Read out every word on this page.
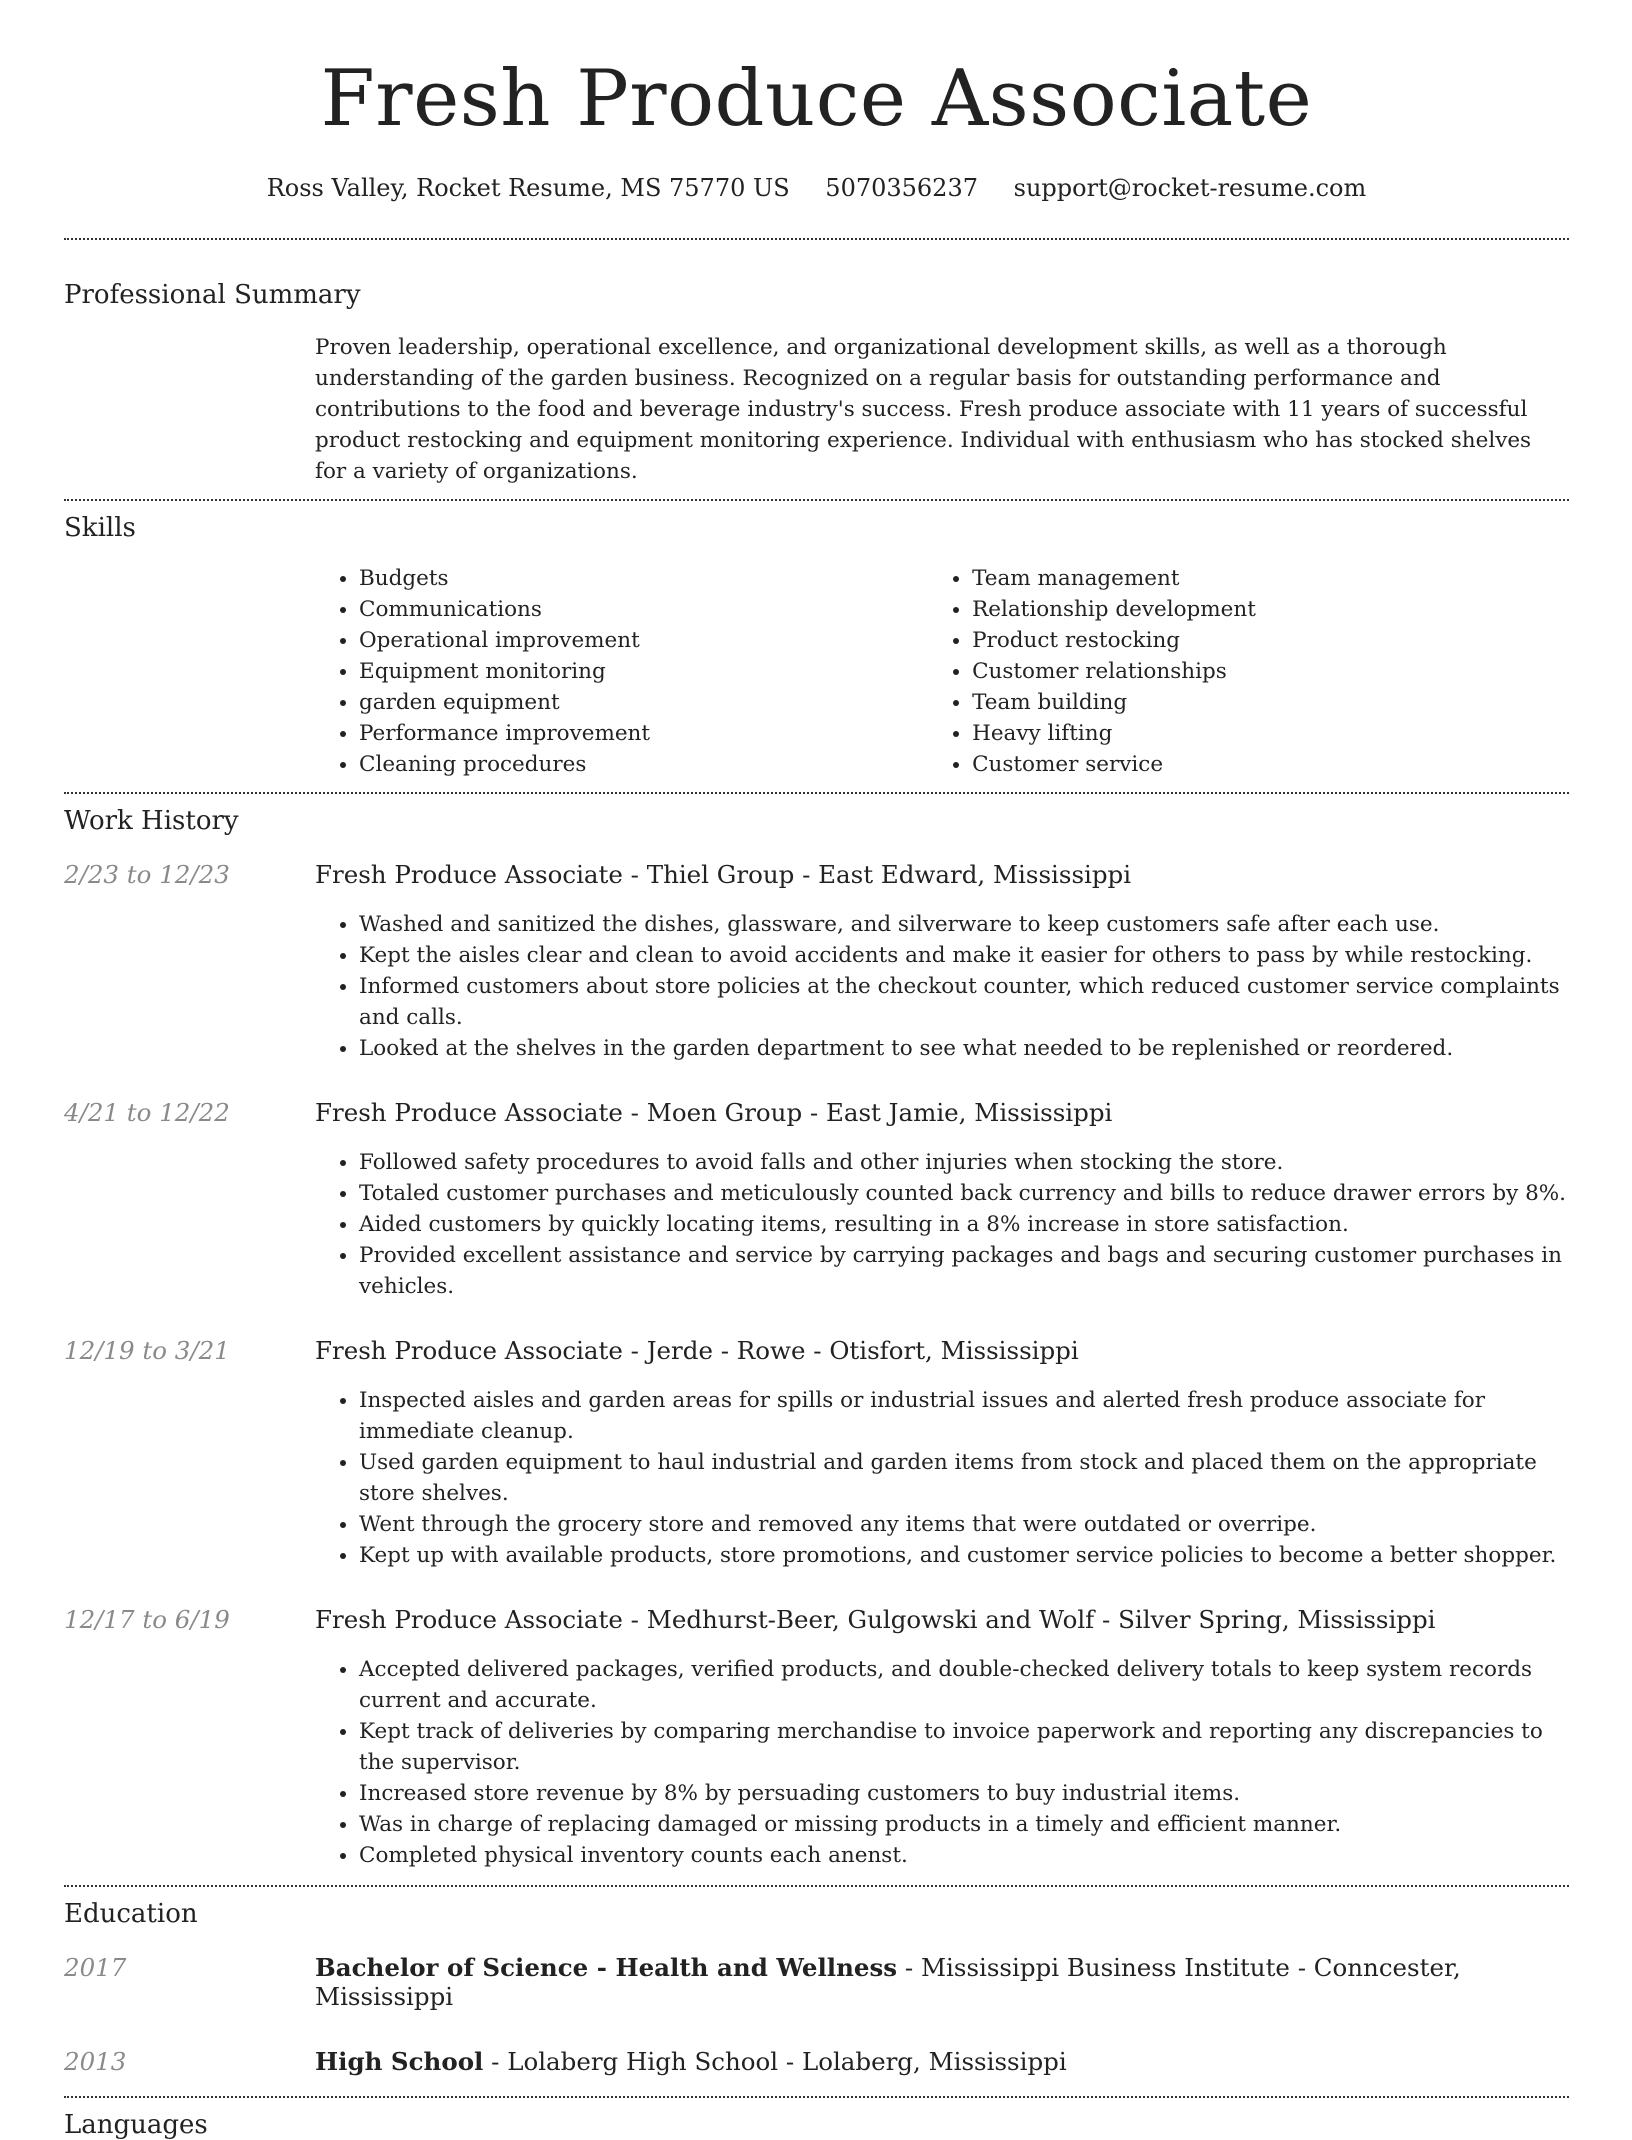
Fresh Produce Associate
Ross Valley, Rocket Resume, MS 75770 US 5070356237 support@rocket-resume.com
Professional Summary
Proven leadership, operational excellence, and organizational development skills, as well as a thorough understanding of the garden business. Recognized on a regular basis for outstanding performance and contributions to the food and beverage industry's success. Fresh produce associate with 11 years of successful product restocking and equipment monitoring experience. Individual with enthusiasm who has stocked shelves for a variety of organizations.
Skills
• Budgets
• Communications
• Operational improvement
• Equipment monitoring
• garden equipment
• Performance improvement
• Cleaning procedures
• Team management
• Relationship development
• Product restocking
• Customer relationships
• Team building
• Heavy lifting
• Customer service
Work History
2/23 to 12/23	Fresh Produce Associate - Thiel Group - East Edward, Mississippi
• Washed and sanitized the dishes, glassware, and silverware to keep customers safe after each use.
• Kept the aisles clear and clean to avoid accidents and make it easier for others to pass by while restocking.
• Informed customers about store policies at the checkout counter, which reduced customer service complaints and calls.
• Looked at the shelves in the garden department to see what needed to be replenished or reordered.
4/21 to 12/22	Fresh Produce Associate - Moen Group - East Jamie, Mississippi
• Followed safety procedures to avoid falls and other injuries when stocking the store.
• Totaled customer purchases and meticulously counted back currency and bills to reduce drawer errors by 8%.
• Aided customers by quickly locating items, resulting in a 8% increase in store satisfaction.
• Provided excellent assistance and service by carrying packages and bags and securing customer purchases in vehicles.
12/19 to 3/21	Fresh Produce Associate - Jerde - Rowe - Otisfort, Mississippi
• Inspected aisles and garden areas for spills or industrial issues and alerted fresh produce associate for immediate cleanup.
• Used garden equipment to haul industrial and garden items from stock and placed them on the appropriate store shelves.
• Went through the grocery store and removed any items that were outdated or overripe.
• Kept up with available products, store promotions, and customer service policies to become a better shopper.
12/17 to 6/19	Fresh Produce Associate - Medhurst-Beer, Gulgowski and Wolf - Silver Spring, Mississippi
• Accepted delivered packages, verified products, and double-checked delivery totals to keep system records current and accurate.
• Kept track of deliveries by comparing merchandise to invoice paperwork and reporting any discrepancies to the supervisor.
• Increased store revenue by 8% by persuading customers to buy industrial items.
• Was in charge of replacing damaged or missing products in a timely and efficient manner.
• Completed physical inventory counts each anenst.
Education
2017	Bachelor of Science - Health and Wellness - Mississippi Business Institute - Conncester, Mississippi
2013	High School - Lolaberg High School - Lolaberg, Mississippi
Languages
